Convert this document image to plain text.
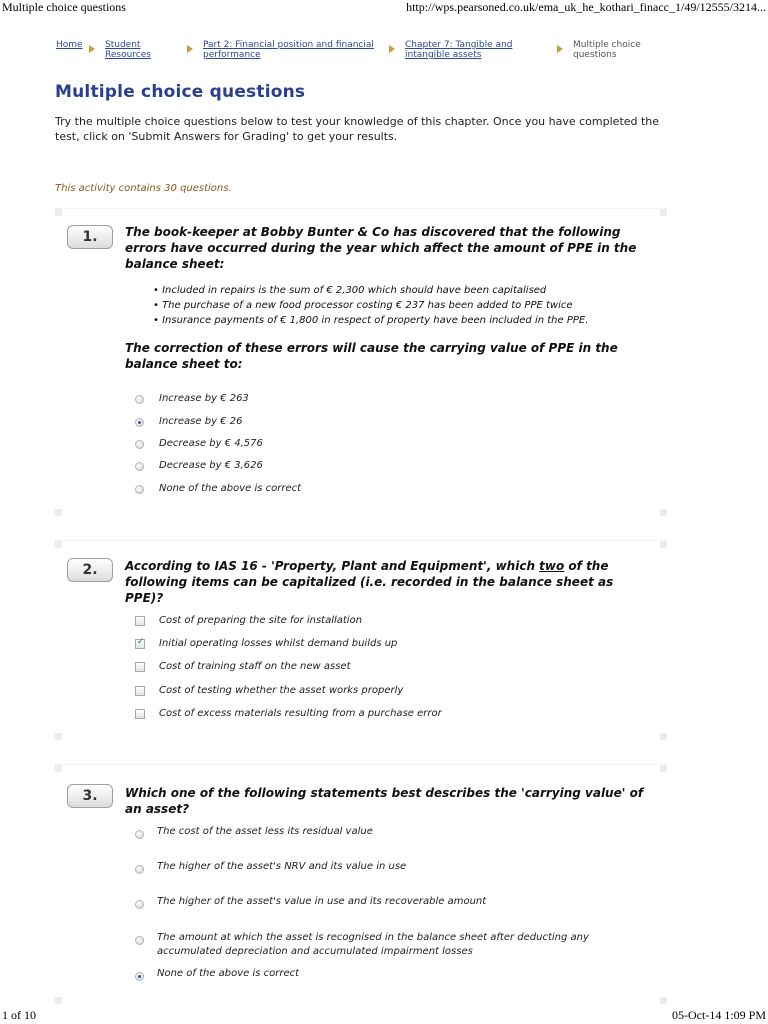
Multiple choice questions	http://wps.pearsoned.co.uk/ema_uk_he_kothari_finacc_1/49/12555/3214...
Home Student
Resources
Part 2: Financial position and financial
performance
Chapter 7: Tangible and
intangible assets
Multiple choice
questions
Multiple choice questions

Try the multiple choice questions below to test your knowledge of this chapter. Once you have completed the test, click on 'Submit Answers for Grading' to get your results.

This activity contains 30 questions.

1.	The book-keeper at Bobby Bunter & Co has discovered that the following errors have occurred during the year which affect the amount of PPE in the balance sheet:
• Included in repairs is the sum of € 2,300 which should have been capitalised
• The purchase of a new food processor costing € 237 has been added to PPE twice
• Insurance payments of € 1,800 in respect of property have been included in the PPE.
The correction of these errors will cause the carrying value of PPE in the balance sheet to:
Increase by € 263
Increase by € 26
Decrease by € 4,576
Decrease by € 3,626
None of the above is correct
2.	According to IAS 16 - 'Property, Plant and Equipment', which two of the following items can be capitalized (i.e. recorded in the balance sheet as PPE)?
Cost of preparing the site for installation
✓
Initial operating losses whilst demand builds up
Cost of training staff on the new asset
Cost of testing whether the asset works properly
Cost of excess materials resulting from a purchase error
3.	Which one of the following statements best describes the 'carrying value' of an asset?
The cost of the asset less its residual value
The higher of the asset's NRV and its value in use
The higher of the asset's value in use and its recoverable amount
The amount at which the asset is recognised in the balance sheet after deducting any accumulated depreciation and accumulated impairment losses
None of the above is correct
1 of 10	05-Oct-14 1:09 PM
